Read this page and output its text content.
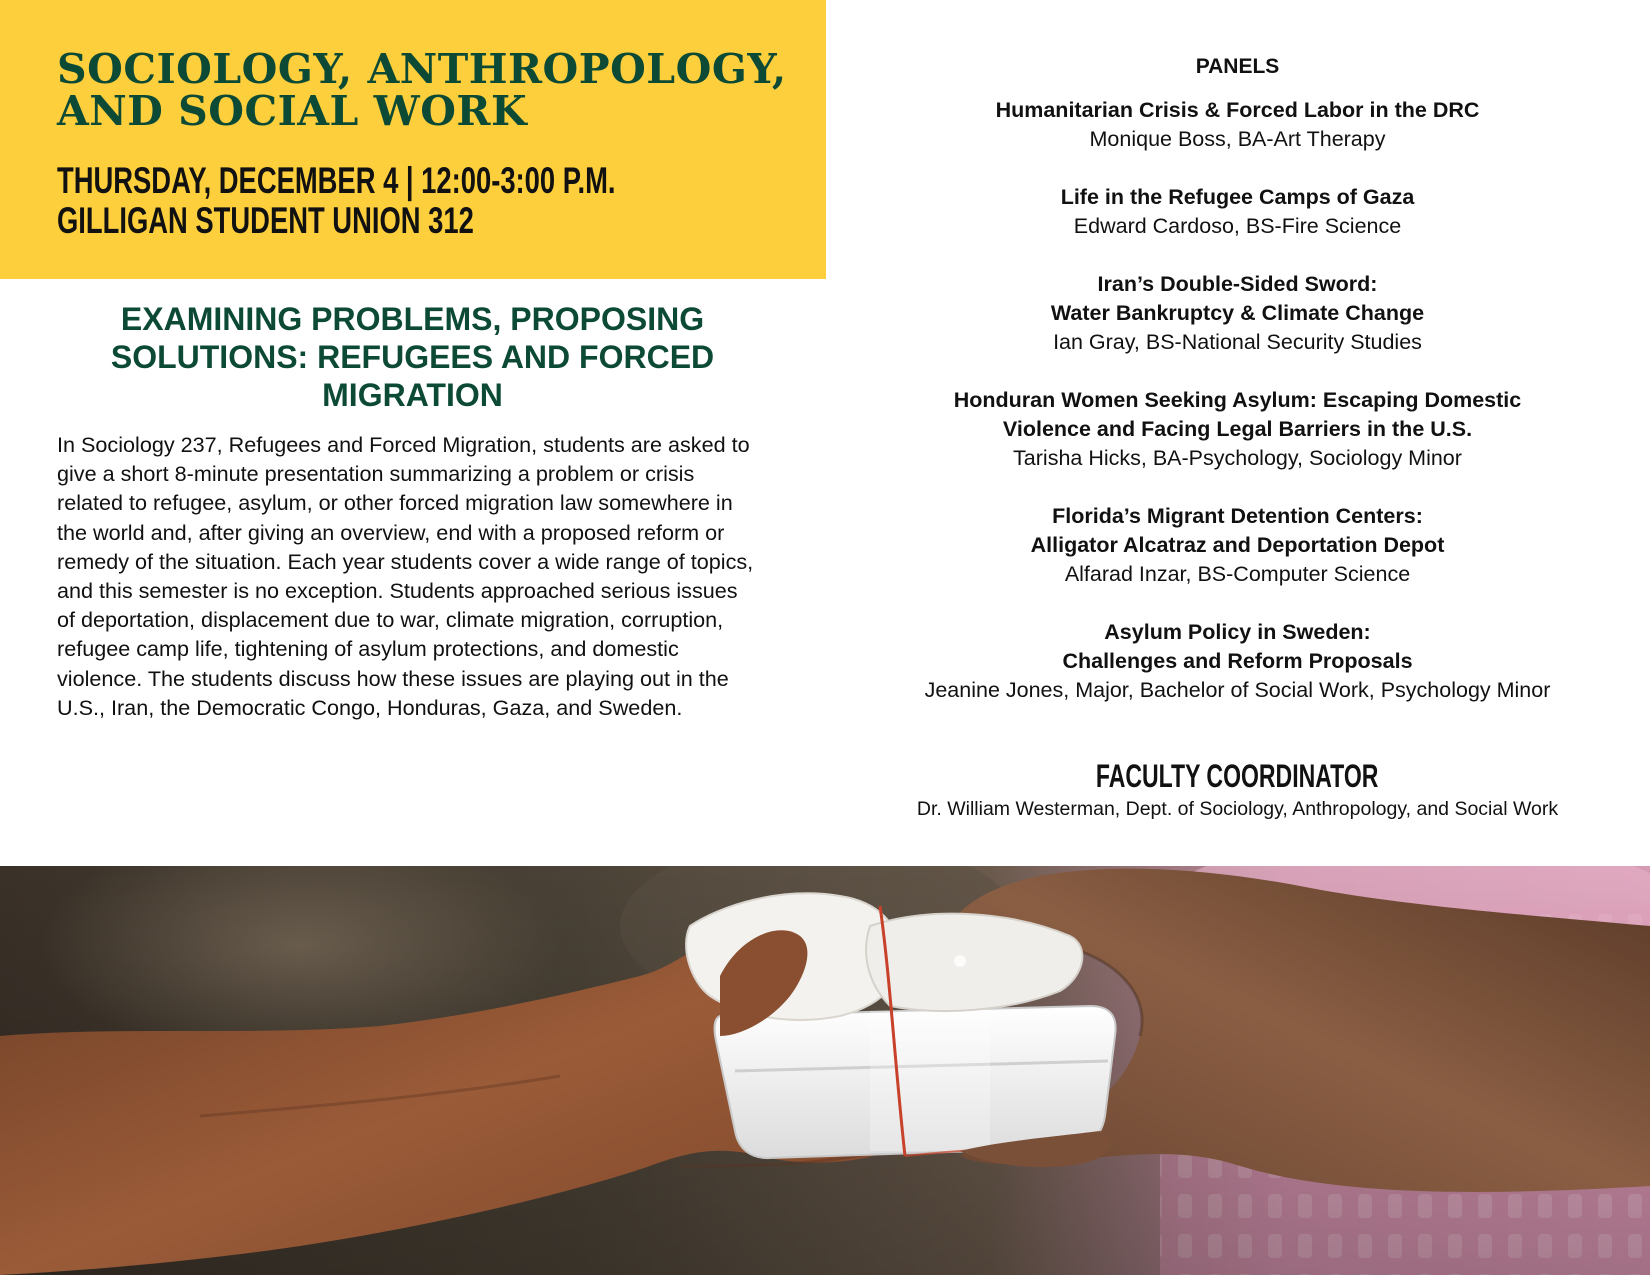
SOCIOLOGY, ANTHROPOLOGY, AND SOCIAL WORK
THURSDAY, DECEMBER 4 | 12:00-3:00 P.M.
GILLIGAN STUDENT UNION 312
EXAMINING PROBLEMS, PROPOSING SOLUTIONS: REFUGEES AND FORCED MIGRATION

In Sociology 237, Refugees and Forced Migration, students are asked to give a short 8-minute presentation summarizing a problem or crisis related to refugee, asylum, or other forced migration law somewhere in the world and, after giving an overview, end with a proposed reform or remedy of the situation. Each year students cover a wide range of topics, and this semester is no exception. Students approached serious issues of deportation, displacement due to war, climate migration, corruption, refugee camp life, tightening of asylum protections, and domestic violence. The students discuss how these issues are playing out in the U.S., Iran, the Democratic Congo, Honduras, Gaza, and Sweden.

PANELS

Humanitarian Crisis & Forced Labor in the DRC

Monique Boss, BA-Art Therapy

Life in the Refugee Camps of Gaza

Edward Cardoso, BS-Fire Science

Iran’s Double-Sided Sword:

Water Bankruptcy & Climate Change

Ian Gray, BS-National Security Studies

Honduran Women Seeking Asylum: Escaping Domestic

Violence and Facing Legal Barriers in the U.S.

Tarisha Hicks, BA-Psychology, Sociology Minor

Florida’s Migrant Detention Centers:

Alligator Alcatraz and Deportation Depot

Alfarad Inzar, BS-Computer Science

Asylum Policy in Sweden:

Challenges and Reform Proposals

Jeanine Jones, Major, Bachelor of Social Work, Psychology Minor

FACULTY COORDINATOR
Dr. William Westerman, Dept. of Sociology, Anthropology, and Social Work
